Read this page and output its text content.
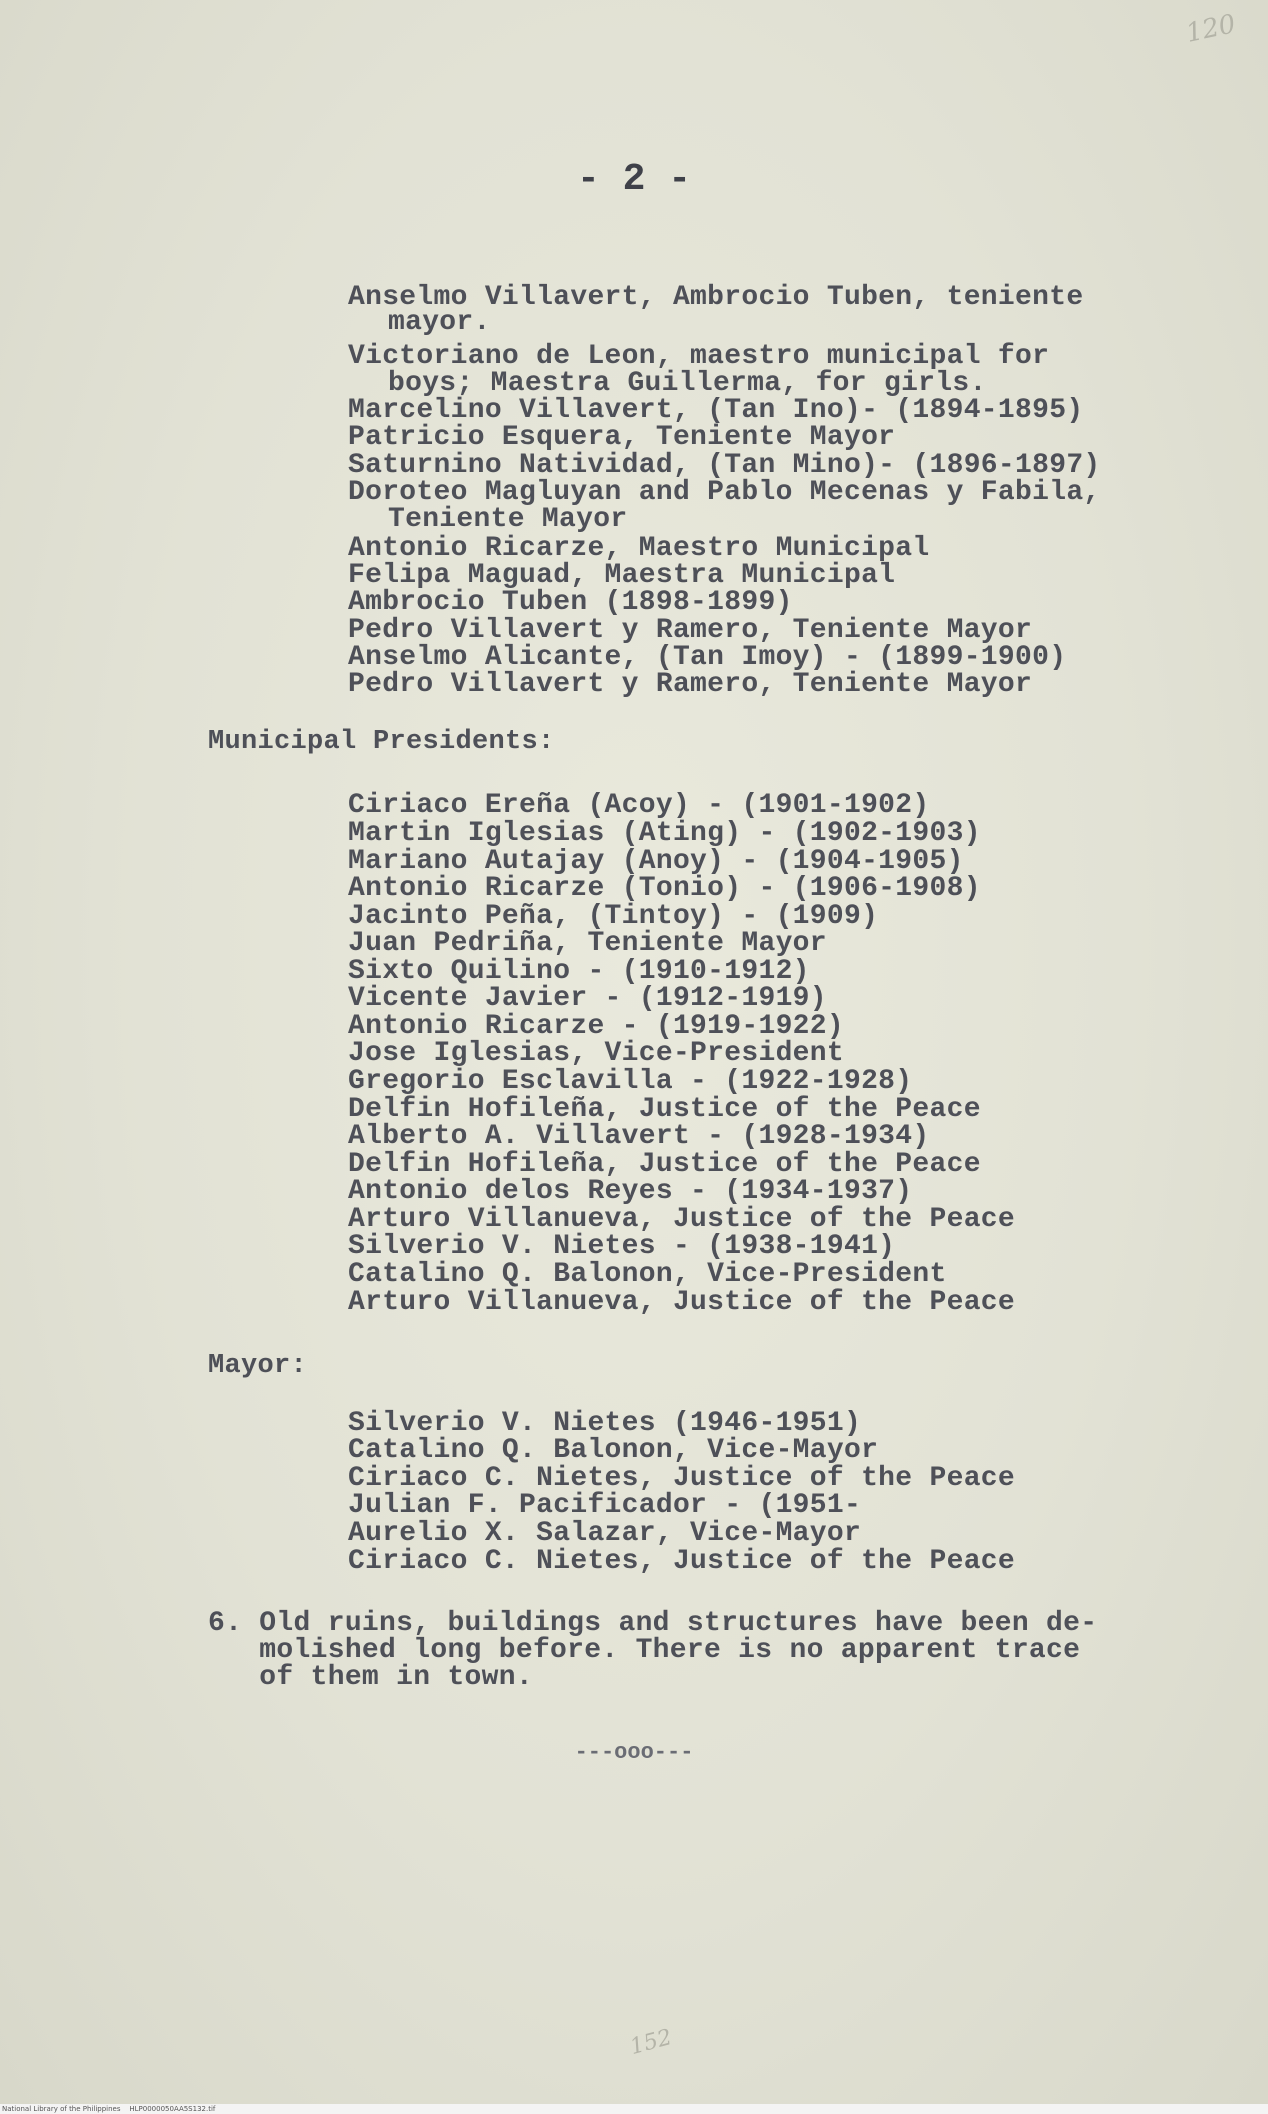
120
- 2 -
Anselmo Villavert, Ambrocio Tuben, teniente
mayor.
Victoriano de Leon, maestro municipal for
boys; Maestra Guillerma, for girls.
Marcelino Villavert, (Tan Ino)- (1894-1895)
Patricio Esquera, Teniente Mayor
Saturnino Natividad, (Tan Mino)- (1896-1897)
Doroteo Magluyan and Pablo Mecenas y Fabila,
Teniente Mayor
Antonio Ricarze, Maestro Municipal
Felipa Maguad, Maestra Municipal
Ambrocio Tuben (1898-1899)
Pedro Villavert y Ramero, Teniente Mayor
Anselmo Alicante, (Tan Imoy) - (1899-1900)
Pedro Villavert y Ramero, Teniente Mayor
Municipal Presidents:
Ciriaco Ereña (Acoy) - (1901-1902)
Martin Iglesias (Ating) - (1902-1903)
Mariano Autajay (Anoy) - (1904-1905)
Antonio Ricarze (Tonio) - (1906-1908)
Jacinto Peña, (Tintoy) - (1909)
Juan Pedriña, Teniente Mayor
Sixto Quilino - (1910-1912)
Vicente Javier - (1912-1919)
Antonio Ricarze - (1919-1922)
Jose Iglesias, Vice-President
Gregorio Esclavilla - (1922-1928)
Delfin Hofileña, Justice of the Peace
Alberto A. Villavert - (1928-1934)
Delfin Hofileña, Justice of the Peace
Antonio delos Reyes - (1934-1937)
Arturo Villanueva, Justice of the Peace
Silverio V. Nietes - (1938-1941)
Catalino Q. Balonon, Vice-President
Arturo Villanueva, Justice of the Peace
Mayor:
Silverio V. Nietes (1946-1951)
Catalino Q. Balonon, Vice-Mayor
Ciriaco C. Nietes, Justice of the Peace
Julian F. Pacificador - (1951-
Aurelio X. Salazar, Vice-Mayor
Ciriaco C. Nietes, Justice of the Peace
6. Old ruins, buildings and structures have been de-
molished long before. There is no apparent trace
of them in town.
---ooo---
152
National Library of the Philippines    HLP0000050AA5S132.tif
